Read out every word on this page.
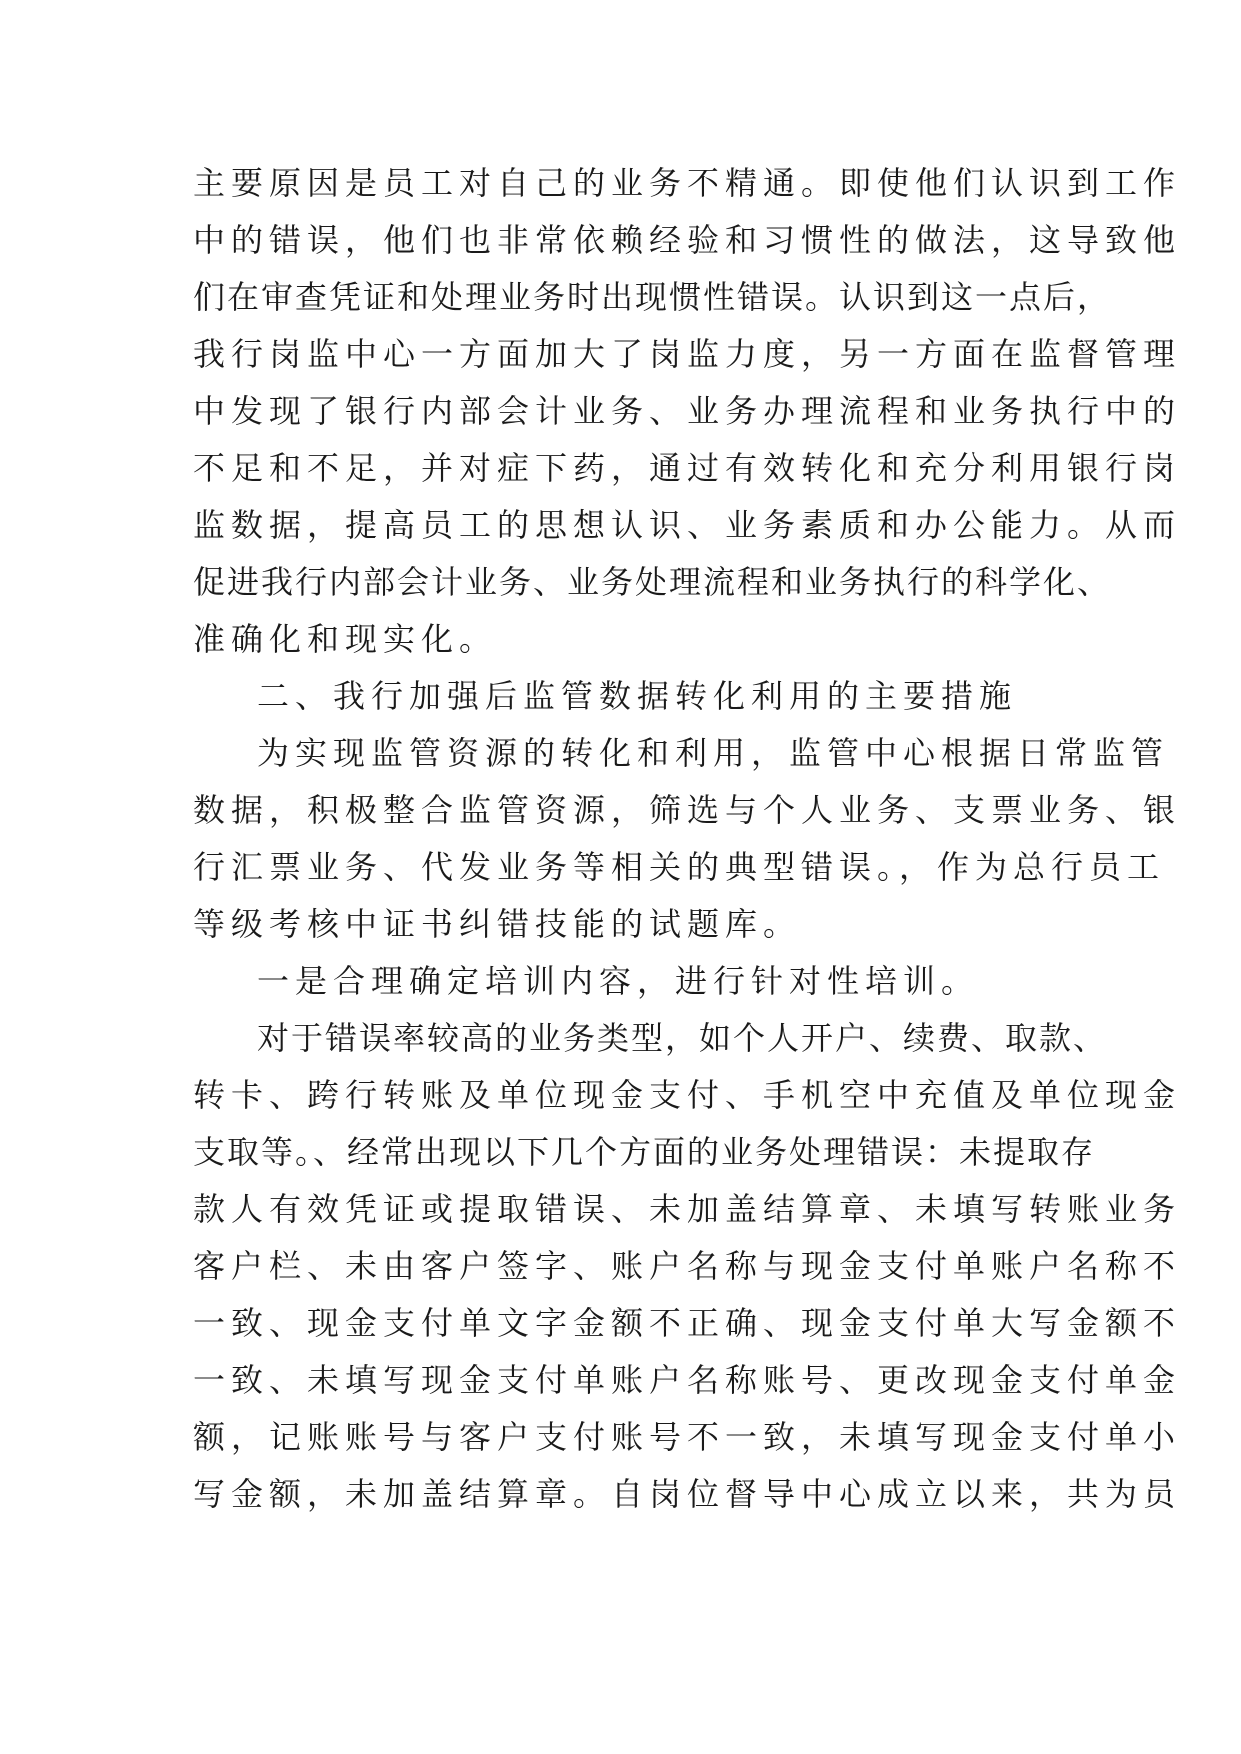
主要原因是员工对自己的业务不精通。即使他们认识到工作
中的错误，他们也非常依赖经验和习惯性的做法，这导致他
们在审查凭证和处理业务时出现惯性错误。认识到这一点后，
我行岗监中心一方面加大了岗监力度，另一方面在监督管理
中发现了银行内部会计业务、业务办理流程和业务执行中的
不足和不足，并对症下药，通过有效转化和充分利用银行岗
监数据，提高员工的思想认识、业务素质和办公能力。从而
促进我行内部会计业务、业务处理流程和业务执行的科学化、
准确化和现实化。
二、我行加强后监管数据转化利用的主要措施
为实现监管资源的转化和利用，监管中心根据日常监管
数据，积极整合监管资源，筛选与个人业务、支票业务、银
行汇票业务、代发业务等相关的典型错误。，作为总行员工
等级考核中证书纠错技能的试题库。
一是合理确定培训内容，进行针对性培训。
对于错误率较高的业务类型，如个人开户、续费、取款、
转卡、跨行转账及单位现金支付、手机空中充值及单位现金
支取等。、经常出现以下几个方面的业务处理错误：未提取存
款人有效凭证或提取错误、未加盖结算章、未填写转账业务
客户栏、未由客户签字、账户名称与现金支付单账户名称不
一致、现金支付单文字金额不正确、现金支付单大写金额不
一致、未填写现金支付单账户名称账号、更改现金支付单金
额，记账账号与客户支付账号不一致，未填写现金支付单小
写金额，未加盖结算章。自岗位督导中心成立以来，共为员
